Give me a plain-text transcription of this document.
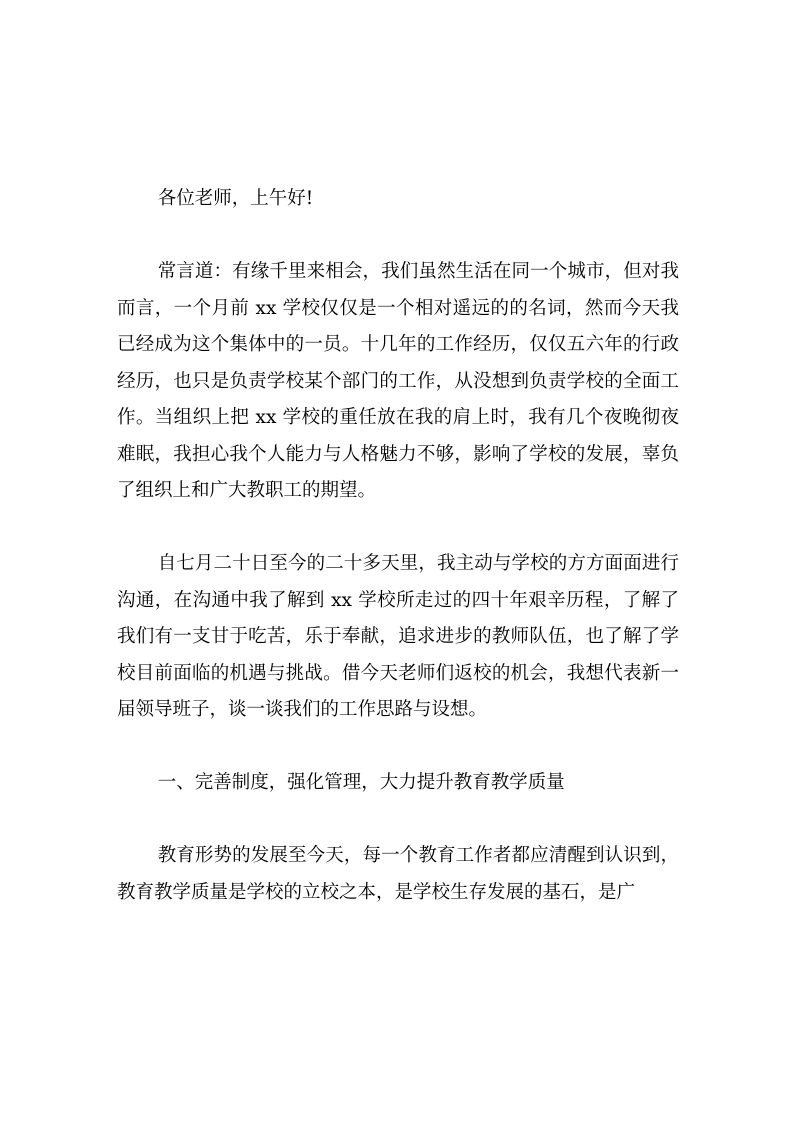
各位老师，上午好!

常言道：有缘千里来相会，我们虽然生活在同一个城市，但对我而言，一个月前 xx 学校仅仅是一个相对遥远的的名词，然而今天我已经成为这个集体中的一员。十几年的工作经历，仅仅五六年的行政经历，也只是负责学校某个部门的工作，从没想到负责学校的全面工作。当组织上把 xx 学校的重任放在我的肩上时，我有几个夜晚彻夜难眠，我担心我个人能力与人格魅力不够，影响了学校的发展，辜负了组织上和广大教职工的期望。

自七月二十日至今的二十多天里，我主动与学校的方方面面进行沟通，在沟通中我了解到 xx 学校所走过的四十年艰辛历程，了解了我们有一支甘于吃苦，乐于奉献，追求进步的教师队伍，也了解了学校目前面临的机遇与挑战。借今天老师们返校的机会，我想代表新一届领导班子，谈一谈我们的工作思路与设想。

一、完善制度，强化管理，大力提升教育教学质量

教育形势的发展至今天，每一个教育工作者都应清醒到认识到，教育教学质量是学校的立校之本，是学校生存发展的基石，是广
